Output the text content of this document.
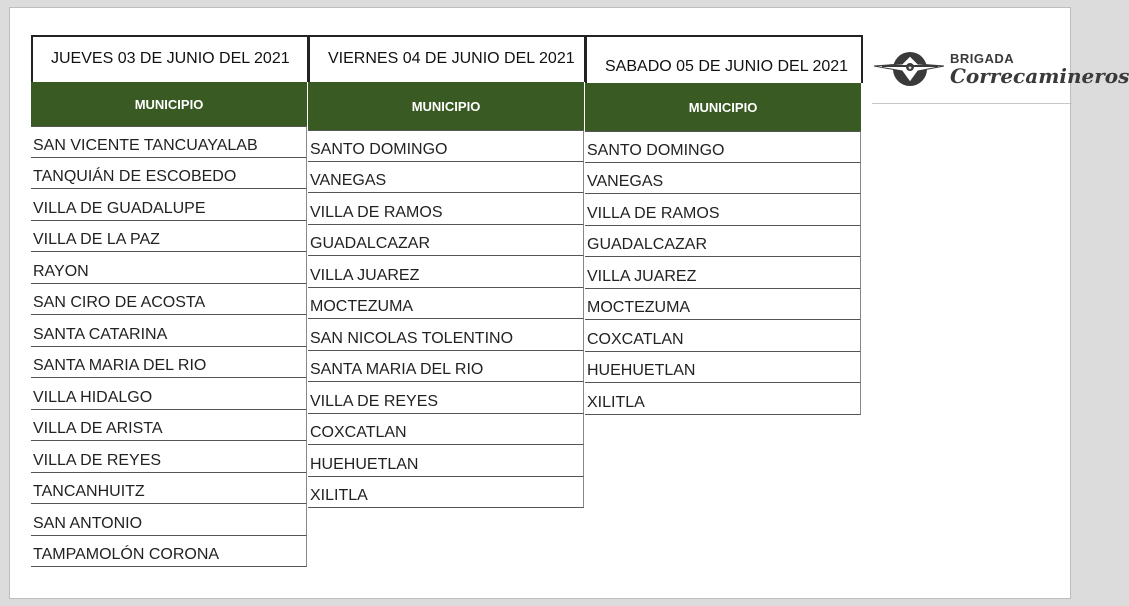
JUEVES 03 DE JUNIO DEL 2021
MUNICIPIO
SAN VICENTE TANCUAYALAB
TANQUIÁN DE ESCOBEDO
VILLA DE GUADALUPE
VILLA DE LA PAZ
RAYON
SAN CIRO DE ACOSTA
SANTA CATARINA
SANTA MARIA DEL RIO
VILLA HIDALGO
VILLA DE ARISTA
VILLA DE REYES
TANCANHUITZ
SAN ANTONIO
TAMPAMOLÓN CORONA
VIERNES 04 DE JUNIO DEL 2021
MUNICIPIO
SANTO DOMINGO
VANEGAS
VILLA DE RAMOS
GUADALCAZAR
VILLA JUAREZ
MOCTEZUMA
SAN NICOLAS TOLENTINO
SANTA MARIA DEL RIO
VILLA DE REYES
COXCATLAN
HUEHUETLAN
XILITLA
SABADO 05 DE JUNIO DEL 2021
MUNICIPIO
SANTO DOMINGO
VANEGAS
VILLA DE RAMOS
GUADALCAZAR
VILLA JUAREZ
MOCTEZUMA
COXCATLAN
HUEHUETLAN
XILITLA
✦
BRIGADA
Correcamineros
